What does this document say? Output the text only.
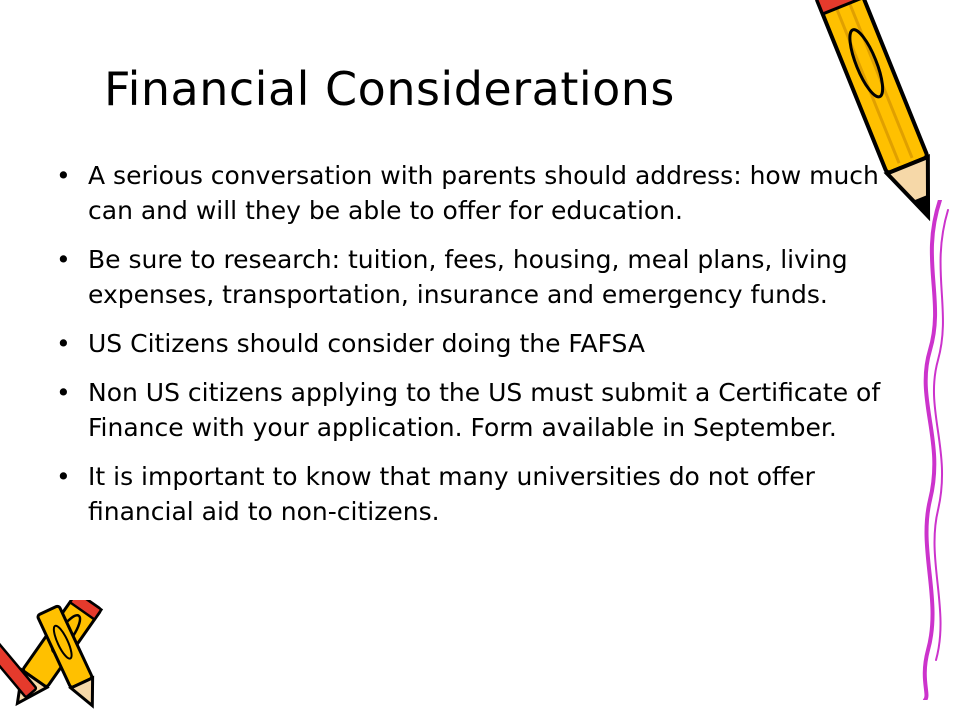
Financial Considerations
• A serious conversation with parents should address: how much can and will they be able to offer for education.
• Be sure to research: tuition, fees, housing, meal plans, living expenses, transportation, insurance and emergency funds.
• US Citizens should consider doing the FAFSA
• Non US citizens applying to the US must submit a Certificate of Finance with your application. Form available in September.
• It is important to know that many universities do not offer financial aid to non-citizens.
